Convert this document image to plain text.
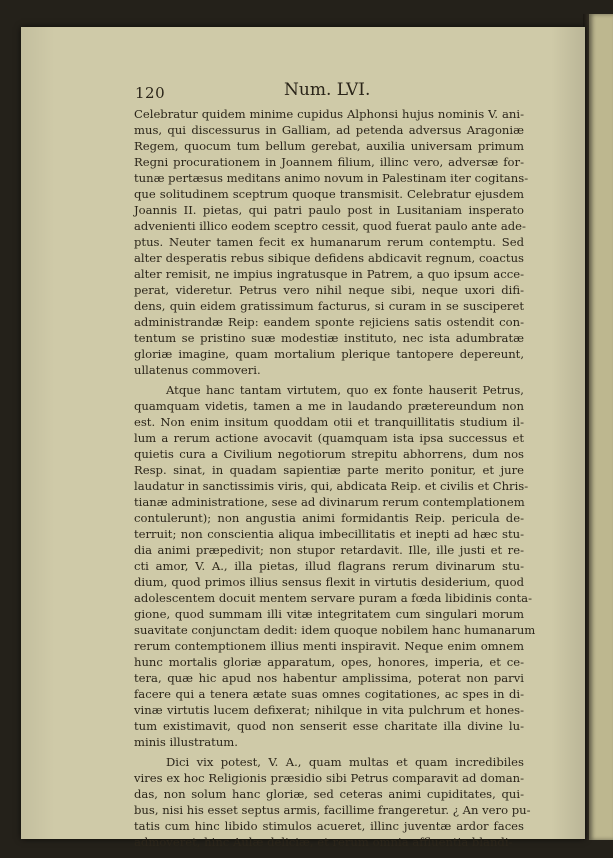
120	Num. LVI.
Celebratur quidem minime cupidus Alphonsi hujus nominis V. ani-
mus, qui discessurus in Galliam, ad petenda adversus Aragoniæ
Regem, quocum tum bellum gerebat, auxilia universam primum
Regni procurationem in Joannem filium, illinc vero, adversæ for-
tunæ pertæsus meditans animo novum in Palestinam iter cogitans-
que solitudinem sceptrum quoque transmisit. Celebratur ejusdem
Joannis II. pietas, qui patri paulo post in Lusitaniam insperato
advenienti illico eodem sceptro cessit, quod fuerat paulo ante ade-
ptus. Neuter tamen fecit ex humanarum rerum contemptu. Sed
alter desperatis rebus sibique defidens abdicavit regnum, coactus
alter remisit, ne impius ingratusque in Patrem, a quo ipsum acce-
perat, videretur. Petrus vero nihil neque sibi, neque uxori difi-
dens, quin eidem gratissimum facturus, si curam in se susciperet
administrandæ Reip: eandem sponte rejiciens satis ostendit con-
tentum se pristino suæ modestiæ instituto, nec ista adumbratæ
gloriæ imagine, quam mortalium plerique tantopere depereunt,
ullatenus commoveri.
Atque hanc tantam virtutem, quo ex fonte hauserit Petrus,
quamquam videtis, tamen a me in laudando prætereundum non
est. Non enim insitum quoddam otii et tranquillitatis studium il-
lum a rerum actione avocavit (quamquam ista ipsa successus et
quietis cura a Civilium negotiorum strepitu abhorrens, dum nos
Resp. sinat, in quadam sapientiæ parte merito ponitur, et jure
laudatur in sanctissimis viris, qui, abdicata Reip. et civilis et Chris-
tianæ administratione, sese ad divinarum rerum contemplationem
contulerunt); non angustia animi formidantis Reip. pericula de-
terruit; non conscientia aliqua imbecillitatis et inepti ad hæc stu-
dia animi præpedivit; non stupor retardavit. Ille, ille justi et re-
cti amor, V. A., illa pietas, illud flagrans rerum divinarum stu-
dium, quod primos illius sensus flexit in virtutis desiderium, quod
adolescentem docuit mentem servare puram a fœda libidinis conta-
gione, quod summam illi vitæ integritatem cum singulari morum
suavitate conjunctam dedit: idem quoque nobilem hanc humanarum
rerum contemptionem illius menti inspiravit. Neque enim omnem
hunc mortalis gloriæ apparatum, opes, honores, imperia, et ce-
tera, quæ hic apud nos habentur amplissima, poterat non parvi
facere qui a tenera ætate suas omnes cogitationes, ac spes in di-
vinæ virtutis lucem defixerat; nihilque in vita pulchrum et hones-
tum existimavit, quod non senserit esse charitate illa divine lu-
minis illustratum.
Dici vix potest, V. A., quam multas et quam incredibiles
vires ex hoc Religionis præsidio sibi Petrus comparavit ad doman-
das, non solum hanc gloriæ, sed ceteras animi cupiditates, qui-
bus, nisi his esset septus armis, facillime frangeretur. ¿ An vero pu-
tatis cum hinc libido stimulos acueret, illinc juventæ ardor faces
admoveret, hinc Aulæ deliciæ, et rerum omnia affluentia blandi-
